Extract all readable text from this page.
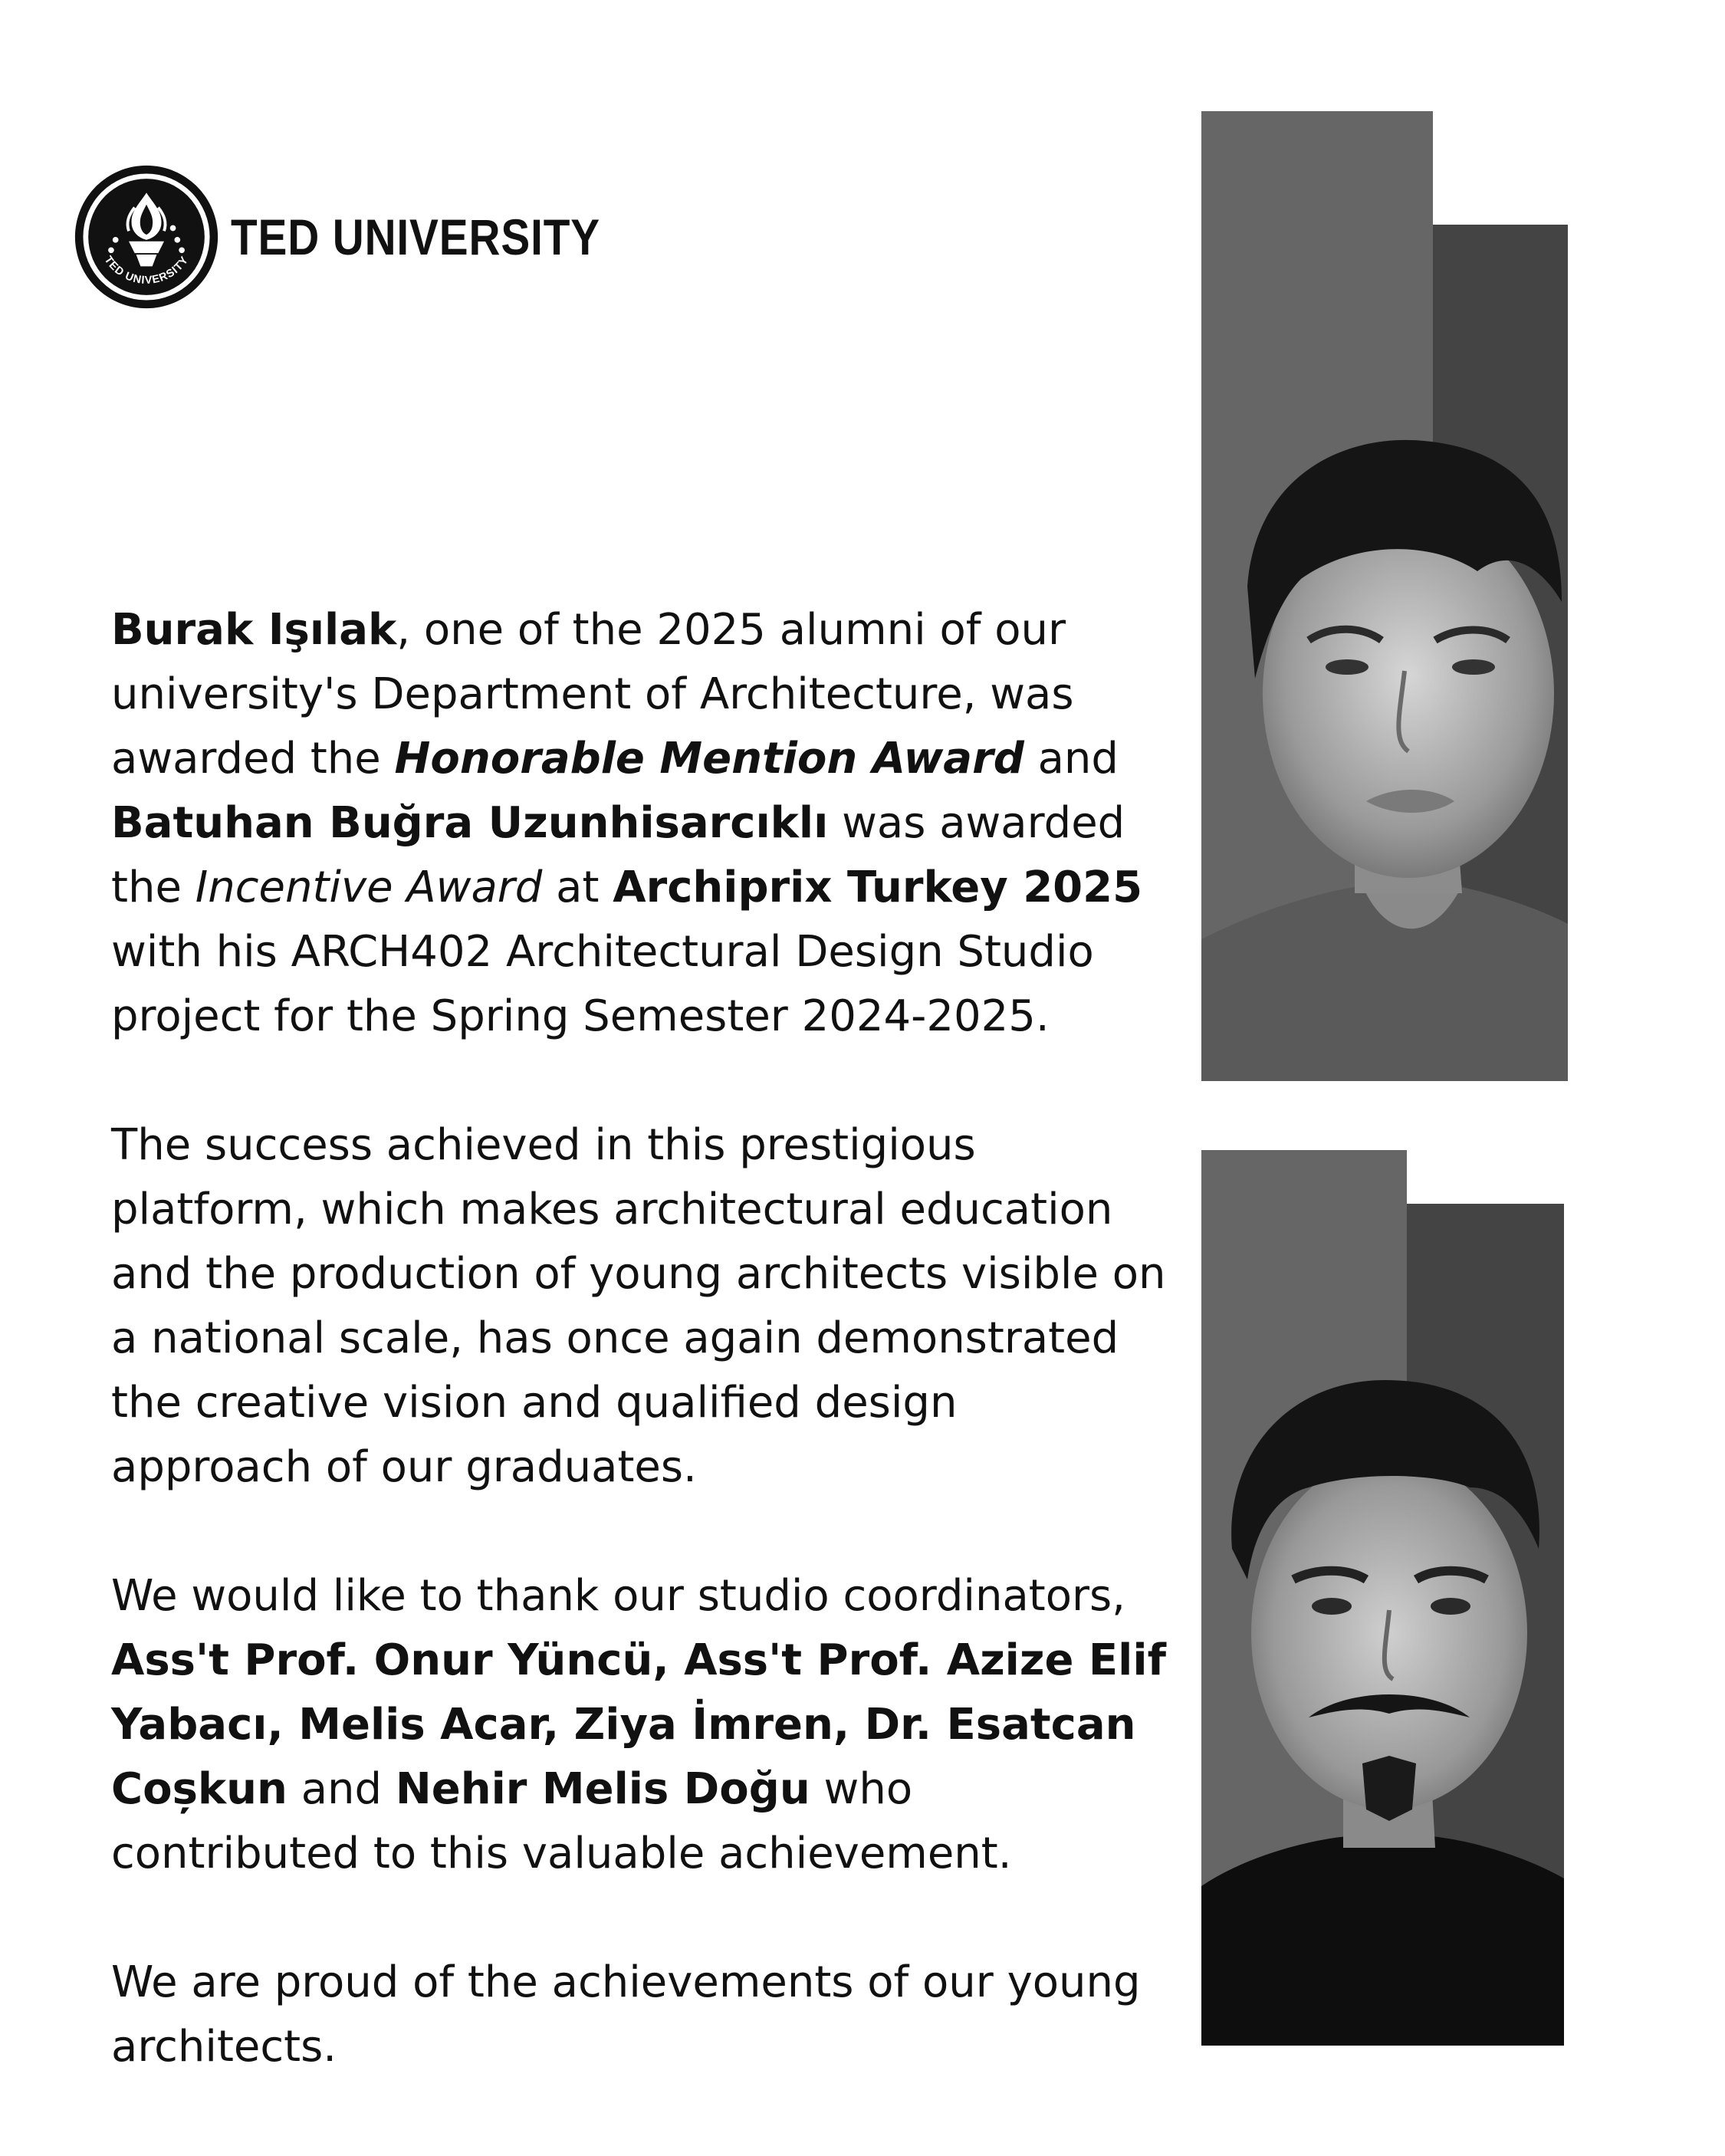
TED UNIVERSITY TED UNIVERSITY

Burak Işılak, one of the 2025 alumni of our university's Department of Architecture, was awarded the Honorable Mention Award and Batuhan Buğra Uzunhisarcıklı was awarded the Incentive Award at Archiprix Turkey 2025 with his ARCH402 Architectural Design Studio project for the Spring Semester 2024-2025.

The success achieved in this prestigious platform, which makes architectural education and the production of young architects visible on a national scale, has once again demonstrated the creative vision and qualified design approach of our graduates.

We would like to thank our studio coordinators, Ass't Prof. Onur Yüncü, Ass't Prof. Azize Elif Yabacı, Melis Acar, Ziya İmren, Dr. Esatcan Coșkun and Nehir Melis Doğu who contributed to this valuable achievement.

We are proud of the achievements of our young architects.
